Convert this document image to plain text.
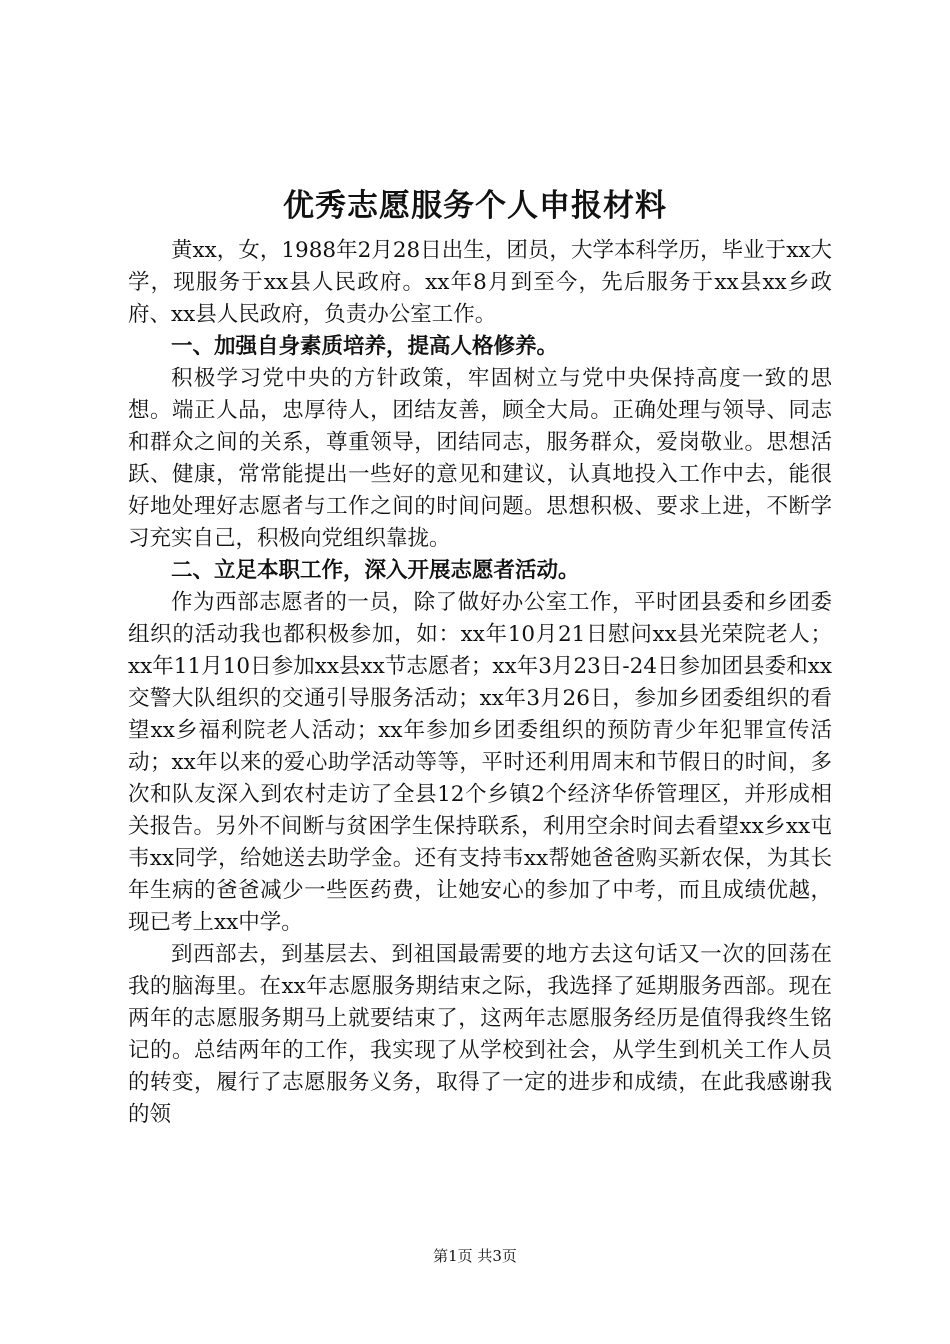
优秀志愿服务个人申报材料

黄xx，女，1988年2月28日出生，团员，大学本科学历，毕业于xx大学，现服务于xx县人民政府。xx年8月到至今，先后服务于xx县xx乡政府、xx县人民政府，负责办公室工作。

一、加强自身素质培养，提高人格修养。

积极学习党中央的方针政策，牢固树立与党中央保持高度一致的思想。端正人品，忠厚待人，团结友善，顾全大局。正确处理与领导、同志和群众之间的关系，尊重领导，团结同志，服务群众，爱岗敬业。思想活跃、健康，常常能提出一些好的意见和建议，认真地投入工作中去，能很好地处理好志愿者与工作之间的时间问题。思想积极、要求上进，不断学习充实自己，积极向党组织靠拢。

二、立足本职工作，深入开展志愿者活动。

作为西部志愿者的一员，除了做好办公室工作，平时团县委和乡团委组织的活动我也都积极参加，如：xx年10月21日慰问xx县光荣院老人；xx年11月10日参加xx县xx节志愿者；xx年3月23日-24日参加团县委和xx交警大队组织的交通引导服务活动；xx年3月26日，参加乡团委组织的看望xx乡福利院老人活动；xx年参加乡团委组织的预防青少年犯罪宣传活动；xx年以来的爱心助学活动等等，平时还利用周末和节假日的时间，多次和队友深入到农村走访了全县12个乡镇2个经济华侨管理区，并形成相关报告。另外不间断与贫困学生保持联系，利用空余时间去看望xx乡xx屯韦xx同学，给她送去助学金。还有支持韦xx帮她爸爸购买新农保，为其长年生病的爸爸减少一些医药费，让她安心的参加了中考，而且成绩优越，现已考上xx中学。

到西部去，到基层去、到祖国最需要的地方去这句话又一次的回荡在我的脑海里。在xx年志愿服务期结束之际，我选择了延期服务西部。现在两年的志愿服务期马上就要结束了，这两年志愿服务经历是值得我终生铭记的。总结两年的工作，我实现了从学校到社会，从学生到机关工作人员的转变，履行了志愿服务义务，取得了一定的进步和成绩，在此我感谢我的领

第1页 共3页
